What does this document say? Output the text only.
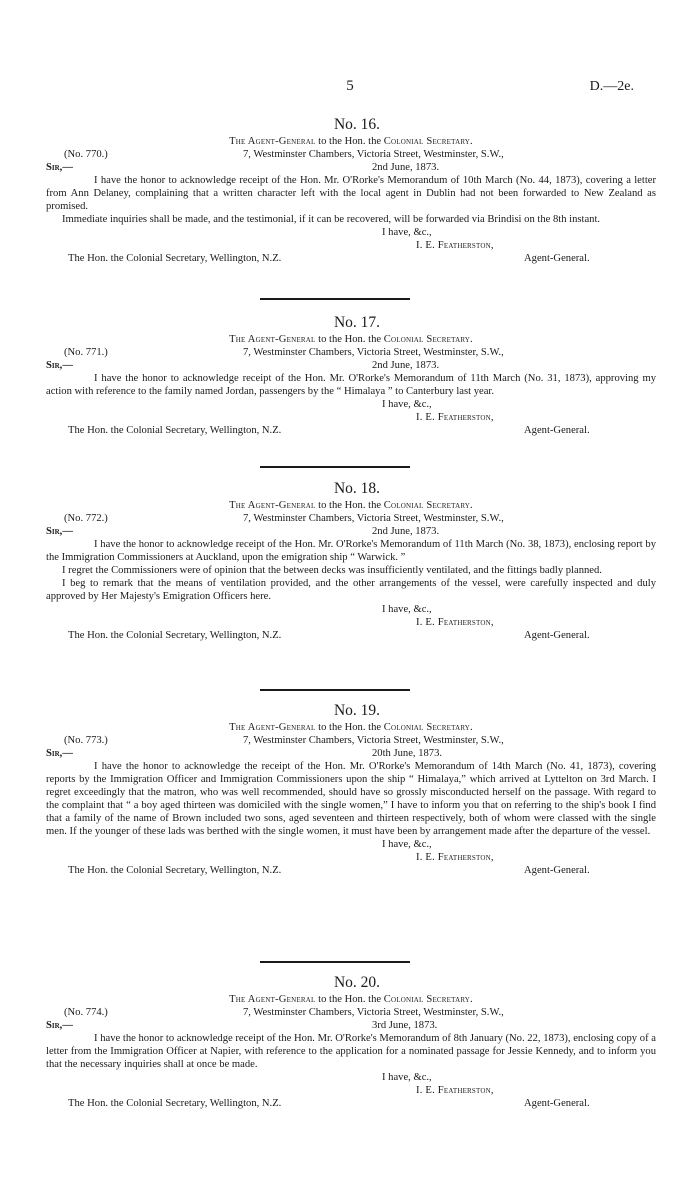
5	D.—2e.
No. 16.
The Agent-General to the Hon. the Colonial Secretary.
(No. 770.)	7, Westminster Chambers, Victoria Street, Westminster, S.W.,
Sir,—	2nd June, 1873.

I have the honor to acknowledge receipt of the Hon. Mr. O'Rorke's Memorandum of 10th March (No. 44, 1873), covering a letter from Ann Delaney, complaining that a written character left with the local agent in Dublin had not been forwarded to New Zealand as promised.

Immediate inquiries shall be made, and the testimonial, if it can be recovered, will be forwarded via Brindisi on the 8th instant.

I have, &c.,
I. E. Featherston,
The Hon. the Colonial Secretary, Wellington, N.Z.	Agent-General.
No. 17.
The Agent-General to the Hon. the Colonial Secretary.
(No. 771.)	7, Westminster Chambers, Victoria Street, Westminster, S.W.,
Sir,—	2nd June, 1873.

I have the honor to acknowledge receipt of the Hon. Mr. O'Rorke's Memorandum of 11th March (No. 31, 1873), approving my action with reference to the family named Jordan, passengers by the “ Himalaya ” to Canterbury last year.

I have, &c.,
I. E. Featherston,
The Hon. the Colonial Secretary, Wellington, N.Z.	Agent-General.
No. 18.
The Agent-General to the Hon. the Colonial Secretary.
(No. 772.)	7, Westminster Chambers, Victoria Street, Westminster, S.W.,
Sir,—	2nd June, 1873.

I have the honor to acknowledge receipt of the Hon. Mr. O'Rorke's Memorandum of 11th March (No. 38, 1873), enclosing report by the Immigration Commissioners at Auckland, upon the emigration ship “ Warwick. ”

I regret the Commissioners were of opinion that the between decks was insufficiently ventilated, and the fittings badly planned.

I beg to remark that the means of ventilation provided, and the other arrangements of the vessel, were carefully inspected and duly approved by Her Majesty's Emigration Officers here.

I have, &c.,
I. E. Featherston,
The Hon. the Colonial Secretary, Wellington, N.Z.	Agent-General.
No. 19.
The Agent-General to the Hon. the Colonial Secretary.
(No. 773.)	7, Westminster Chambers, Victoria Street, Westminster, S.W.,
Sir,—	20th June, 1873.

I have the honor to acknowledge the receipt of the Hon. Mr. O'Rorke's Memorandum of 14th March (No. 41, 1873), covering reports by the Immigration Officer and Immigration Commissioners upon the ship “ Himalaya,” which arrived at Lyttelton on 3rd March. I regret exceedingly that the matron, who was well recommended, should have so grossly misconducted herself on the passage. With regard to the complaint that “ a boy aged thirteen was domiciled with the single women,” I have to inform you that on referring to the ship's book I find that a family of the name of Brown included two sons, aged seventeen and thirteen respectively, both of whom were classed with the single men. If the younger of these lads was berthed with the single women, it must have been by arrangement made after the departure of the vessel.

I have, &c.,
I. E. Featherston,
The Hon. the Colonial Secretary, Wellington, N.Z.	Agent-General.
No. 20.
The Agent-General to the Hon. the Colonial Secretary.
(No. 774.)	7, Westminster Chambers, Victoria Street, Westminster, S.W.,
Sir,—	3rd June, 1873.

I have the honor to acknowledge receipt of the Hon. Mr. O'Rorke's Memorandum of 8th January (No. 22, 1873), enclosing copy of a letter from the Immigration Officer at Napier, with reference to the application for a nominated passage for Jessie Kennedy, and to inform you that the necessary inquiries shall at once be made.

I have, &c.,
I. E. Featherston,
The Hon. the Colonial Secretary, Wellington, N.Z.	Agent-General.
